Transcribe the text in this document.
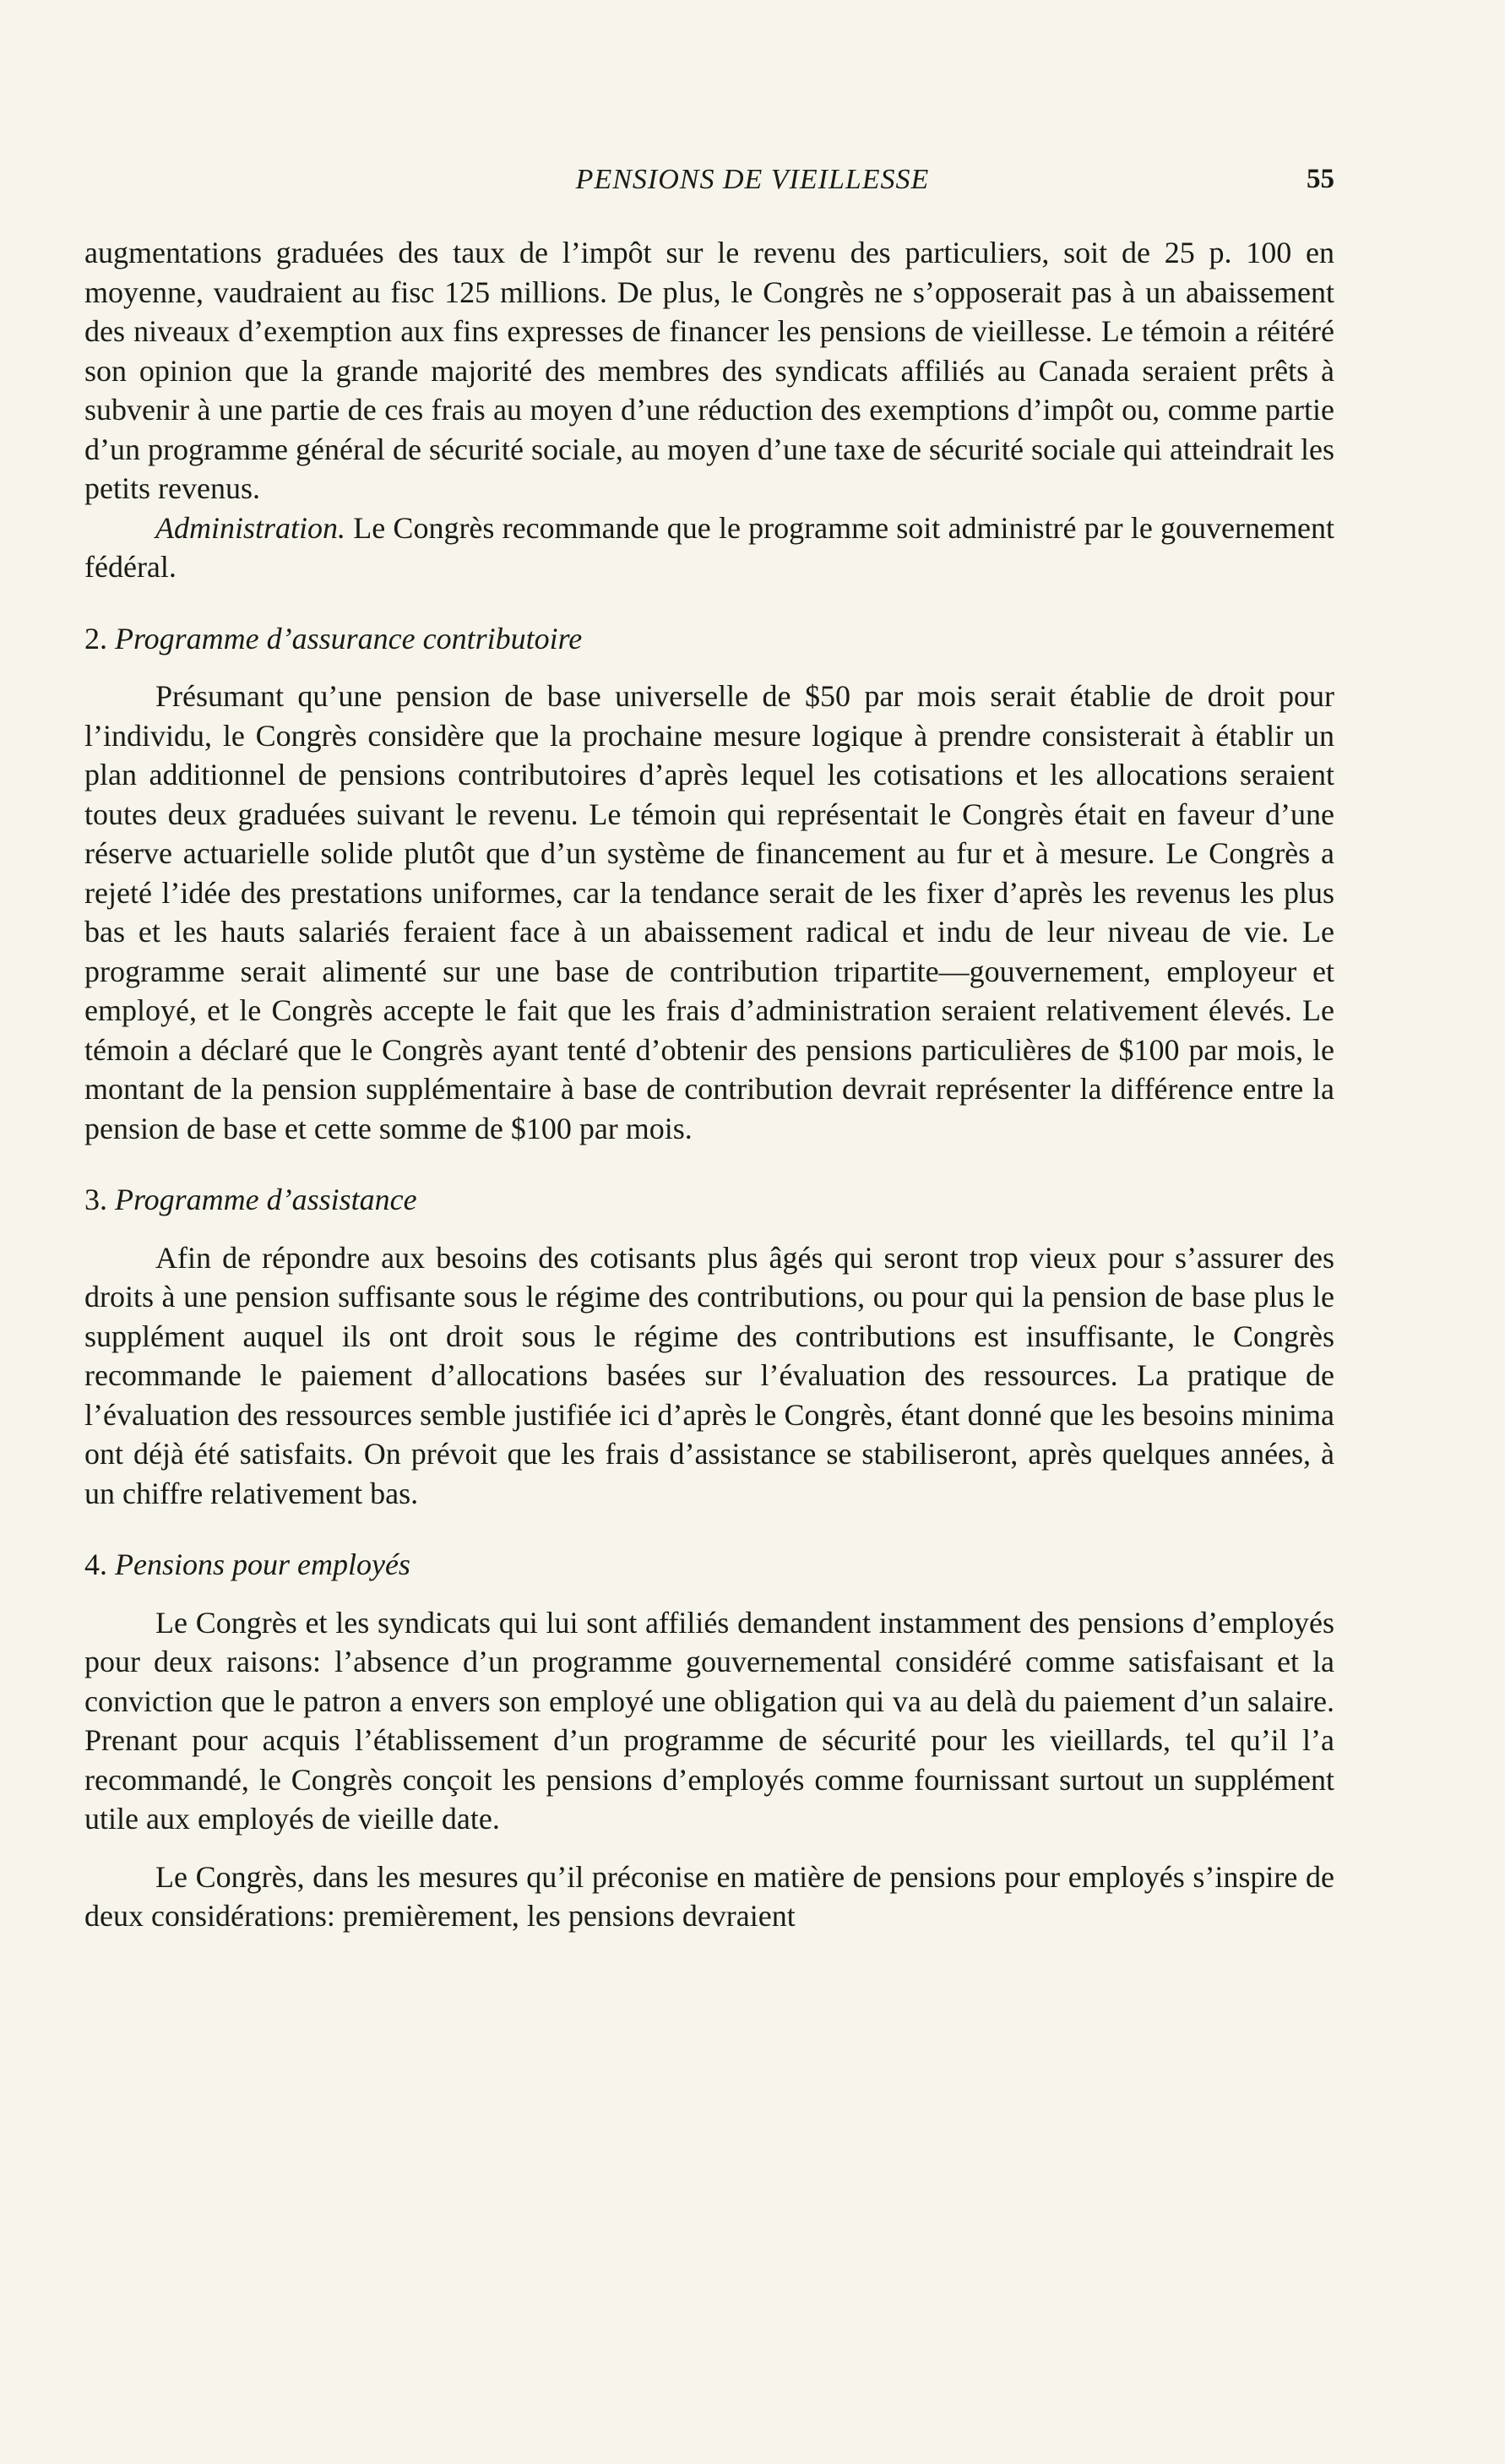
PENSIONS DE VIEILLESSE	55

augmentations graduées des taux de l’impôt sur le revenu des particuliers, soit de 25 p. 100 en moyenne, vaudraient au fisc 125 millions. De plus, le Congrès ne s’opposerait pas à un abaissement des niveaux d’exemption aux fins expresses de financer les pensions de vieillesse. Le témoin a réitéré son opinion que la grande majorité des membres des syndicats affiliés au Canada seraient prêts à subvenir à une partie de ces frais au moyen d’une réduction des exemptions d’impôt ou, comme partie d’un programme général de sécurité sociale, au moyen d’une taxe de sécurité sociale qui atteindrait les petits revenus.

Administration. Le Congrès recommande que le programme soit administré par le gouvernement fédéral.

2. Programme d’assurance contributoire

Présumant qu’une pension de base universelle de $50 par mois serait établie de droit pour l’individu, le Congrès considère que la prochaine mesure logique à prendre consisterait à établir un plan additionnel de pensions contributoires d’après lequel les cotisations et les allocations seraient toutes deux graduées suivant le revenu. Le témoin qui représentait le Congrès était en faveur d’une réserve actuarielle solide plutôt que d’un système de financement au fur et à mesure. Le Congrès a rejeté l’idée des prestations uniformes, car la tendance serait de les fixer d’après les revenus les plus bas et les hauts salariés feraient face à un abaissement radical et indu de leur niveau de vie. Le programme serait alimenté sur une base de contribution tripartite—gouvernement, employeur et employé, et le Congrès accepte le fait que les frais d’administration seraient relativement élevés. Le témoin a déclaré que le Congrès ayant tenté d’obtenir des pensions particulières de $100 par mois, le montant de la pension supplémentaire à base de contribution devrait représenter la différence entre la pension de base et cette somme de $100 par mois.

3. Programme d’assistance

Afin de répondre aux besoins des cotisants plus âgés qui seront trop vieux pour s’assurer des droits à une pension suffisante sous le régime des contributions, ou pour qui la pension de base plus le supplément auquel ils ont droit sous le régime des contributions est insuffisante, le Congrès recommande le paiement d’allocations basées sur l’évaluation des ressources. La pratique de l’évaluation des ressources semble justifiée ici d’après le Congrès, étant donné que les besoins minima ont déjà été satisfaits. On prévoit que les frais d’assistance se stabiliseront, après quelques années, à un chiffre relativement bas.

4. Pensions pour employés

Le Congrès et les syndicats qui lui sont affiliés demandent instamment des pensions d’employés pour deux raisons: l’absence d’un programme gouvernemental considéré comme satisfaisant et la conviction que le patron a envers son employé une obligation qui va au delà du paiement d’un salaire. Prenant pour acquis l’établissement d’un programme de sécurité pour les vieillards, tel qu’il l’a recommandé, le Congrès conçoit les pensions d’employés comme fournissant surtout un supplément utile aux employés de vieille date.

Le Congrès, dans les mesures qu’il préconise en matière de pensions pour employés s’inspire de deux considérations: premièrement, les pensions devraient
